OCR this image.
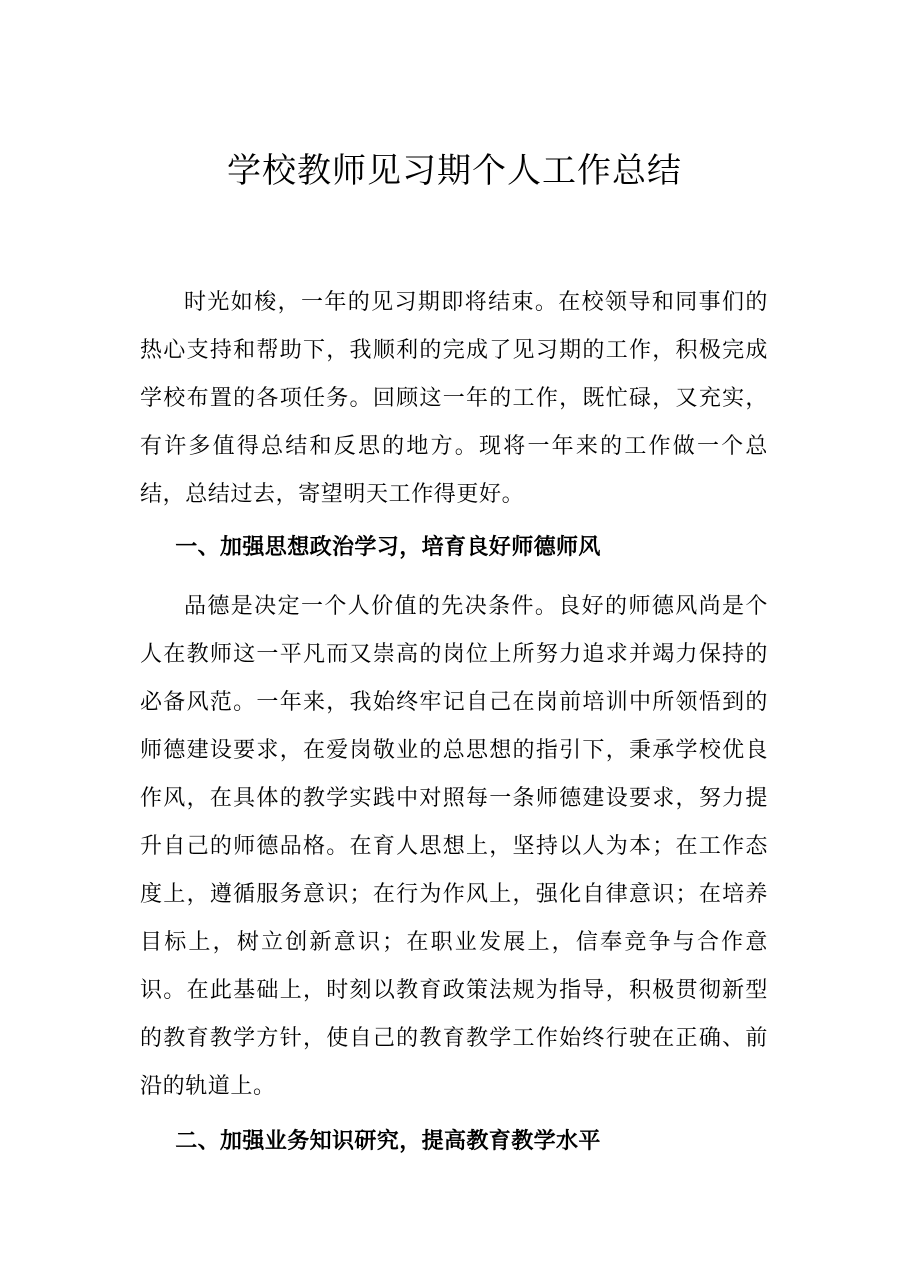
学校教师见习期个人工作总结

时光如梭，一年的见习期即将结束。在校领导和同事们的热心支持和帮助下，我顺利的完成了见习期的工作，积极完成学校布置的各项任务。回顾这一年的工作，既忙碌，又充实，有许多值得总结和反思的地方。现将一年来的工作做一个总结，总结过去，寄望明天工作得更好。

一、加强思想政治学习，培育良好师德师风

品德是决定一个人价值的先决条件。良好的师德风尚是个人在教师这一平凡而又崇高的岗位上所努力追求并竭力保持的必备风范。一年来，我始终牢记自己在岗前培训中所领悟到的师德建设要求，在爱岗敬业的总思想的指引下，秉承学校优良作风，在具体的教学实践中对照每一条师德建设要求，努力提升自己的师德品格。在育人思想上，坚持以人为本；在工作态度上，遵循服务意识；在行为作风上，强化自律意识；在培养目标上，树立创新意识；在职业发展上，信奉竞争与合作意识。在此基础上，时刻以教育政策法规为指导，积极贯彻新型的教育教学方针，使自己的教育教学工作始终行驶在正确、前沿的轨道上。

二、加强业务知识研究，提高教育教学水平
